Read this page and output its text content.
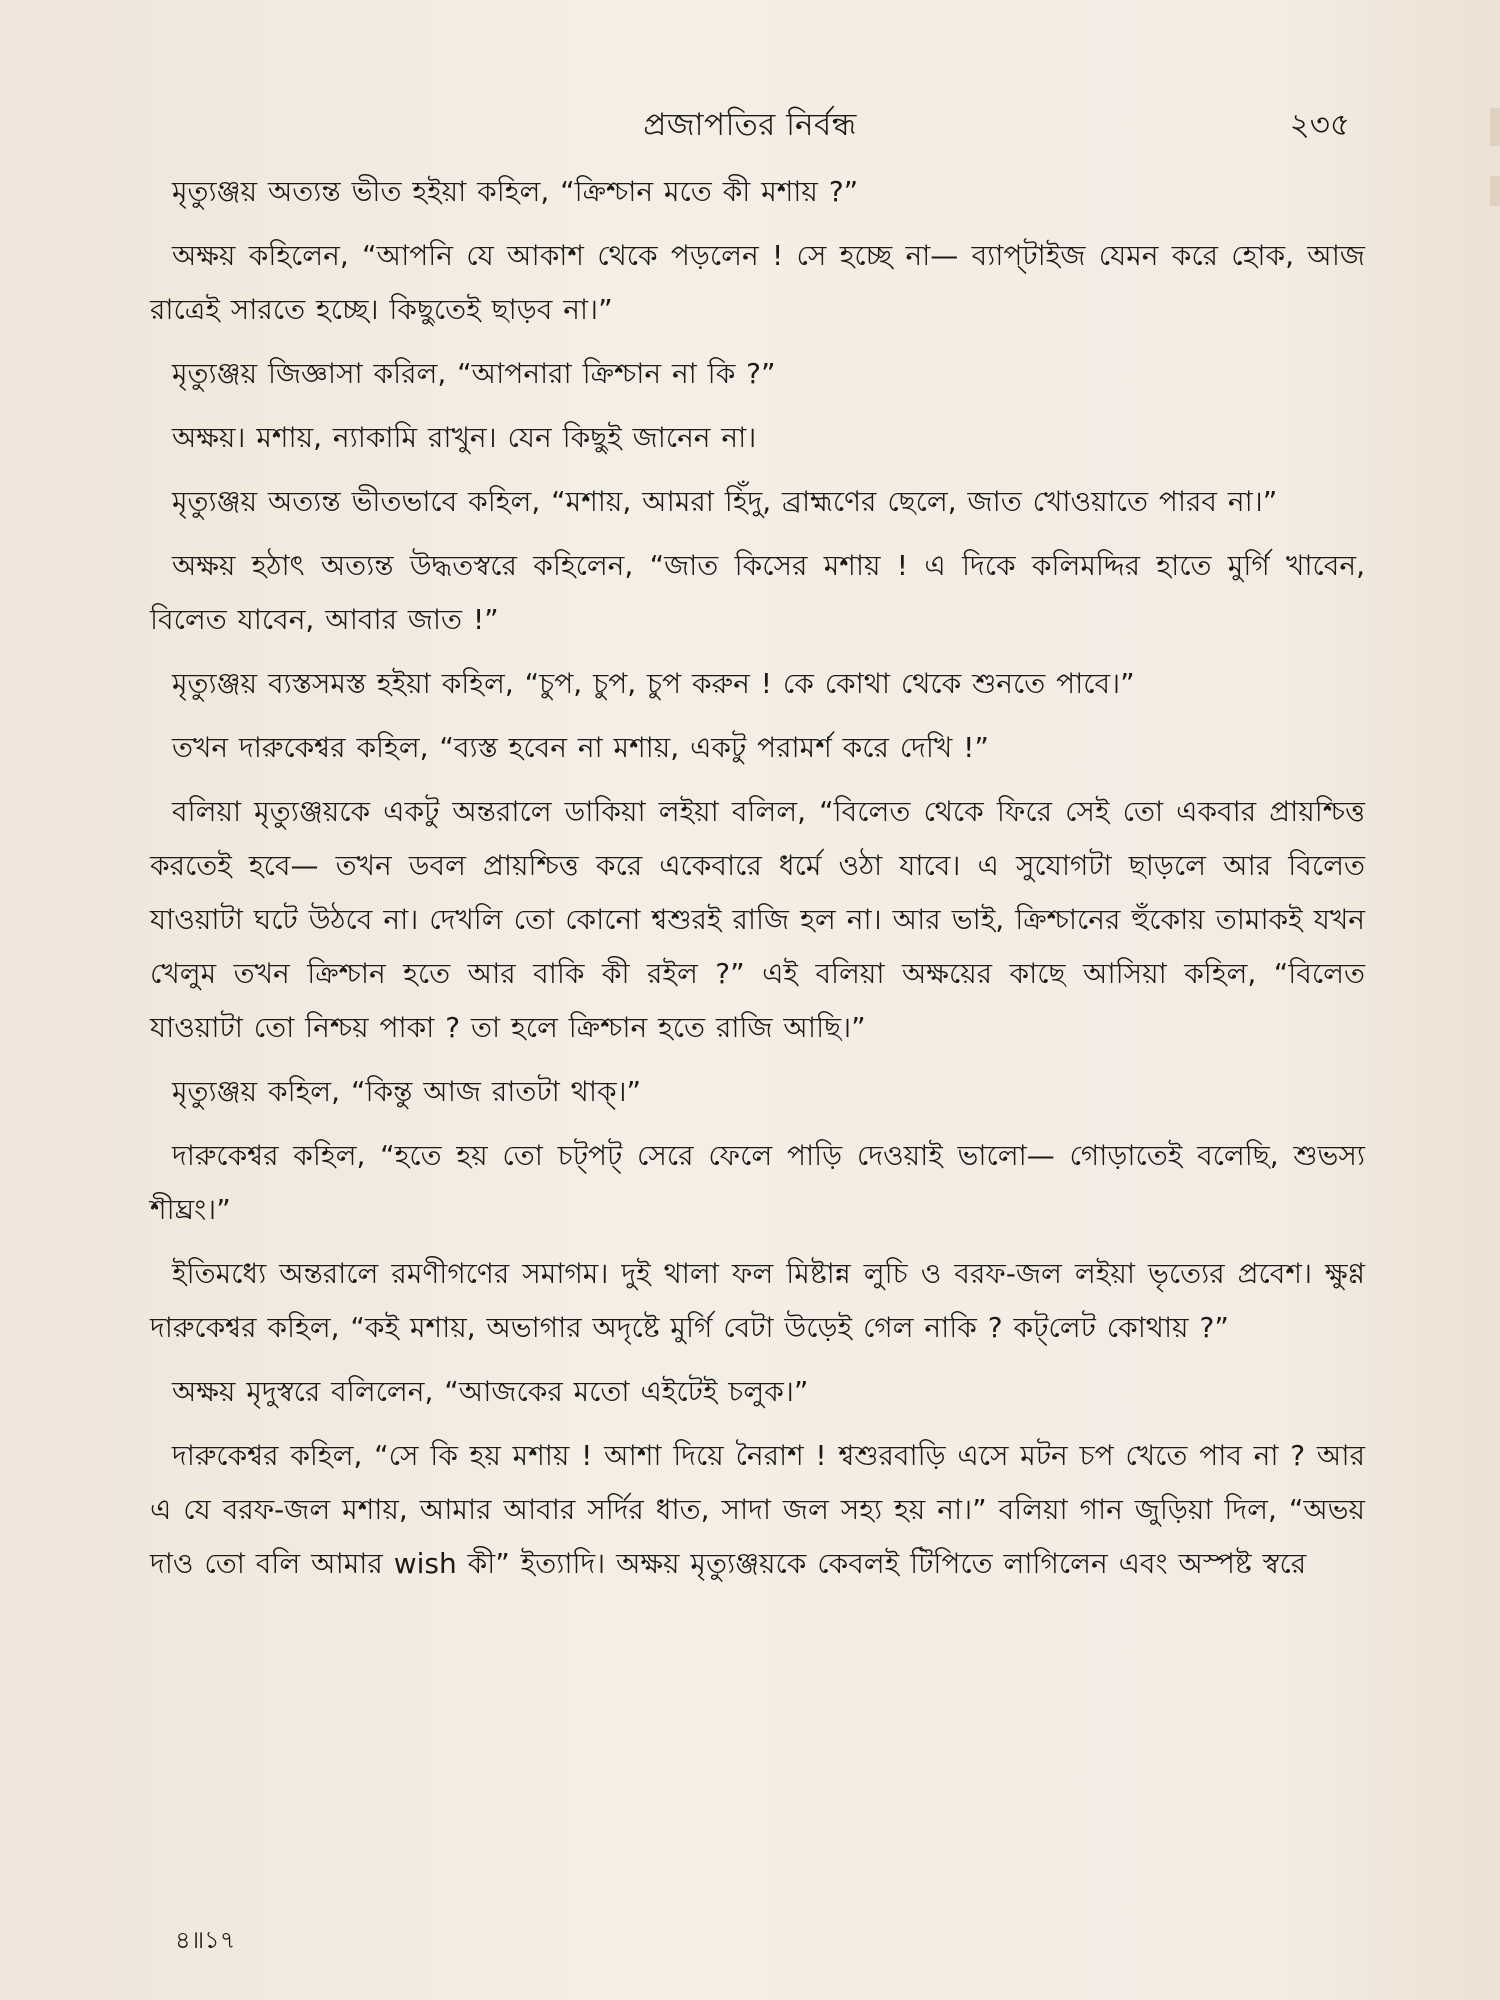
প্রজাপতির নির্বন্ধ	২৩৫

মৃত্যুঞ্জয় অত্যন্ত ভীত হইয়া কহিল, “ক্রিশ্চান মতে কী মশায় ?”

অক্ষয় কহিলেন, “আপনি যে আকাশ থেকে পড়লেন ! সে হচ্ছে না— ব্যাপ্‌টাইজ যেমন করে হোক, আজ রাত্রেই সারতে হচ্ছে। কিছুতেই ছাড়ব না।”

মৃত্যুঞ্জয় জিজ্ঞাসা করিল, “আপনারা ক্রিশ্চান না কি ?”

অক্ষয়। মশায়, ন্যাকামি রাখুন। যেন কিছুই জানেন না।

মৃত্যুঞ্জয় অত্যন্ত ভীতভাবে কহিল, “মশায়, আমরা হিঁদু, ব্রাহ্মণের ছেলে, জাত খোওয়াতে পারব না।”

অক্ষয় হঠাৎ অত্যন্ত উদ্ধতস্বরে কহিলেন, “জাত কিসের মশায় ! এ দিকে কলিমদ্দির হাতে মুর্গি খাবেন, বিলেত যাবেন, আবার জাত !”

মৃত্যুঞ্জয় ব্যস্তসমস্ত হইয়া কহিল, “চুপ, চুপ, চুপ করুন ! কে কোথা থেকে শুনতে পাবে।”

তখন দারুকেশ্বর কহিল, “ব্যস্ত হবেন না মশায়, একটু পরামর্শ করে দেখি !”

বলিয়া মৃত্যুঞ্জয়কে একটু অন্তরালে ডাকিয়া লইয়া বলিল, “বিলেত থেকে ফিরে সেই তো একবার প্রায়শ্চিত্ত করতেই হবে— তখন ডবল প্রায়শ্চিত্ত করে একেবারে ধর্মে ওঠা যাবে। এ সুযোগটা ছাড়লে আর বিলেত যাওয়াটা ঘটে উঠবে না। দেখলি তো কোনো শ্বশুরই রাজি হল না। আর ভাই, ক্রিশ্চানের হুঁকোয় তামাকই যখন খেলুম তখন ক্রিশ্চান হতে আর বাকি কী রইল ?” এই বলিয়া অক্ষয়ের কাছে আসিয়া কহিল, “বিলেত যাওয়াটা তো নিশ্চয় পাকা ? তা হলে ক্রিশ্চান হতে রাজি আছি।”

মৃত্যুঞ্জয় কহিল, “কিন্তু আজ রাতটা থাক্।”

দারুকেশ্বর কহিল, “হতে হয় তো চট্‌পট্ সেরে ফেলে পাড়ি দেওয়াই ভালো— গোড়াতেই বলেছি, শুভস্য শীঘ্রং।”

ইতিমধ্যে অন্তরালে রমণীগণের সমাগম। দুই থালা ফল মিষ্টান্ন লুচি ও বরফ-জল লইয়া ভৃত্যের প্রবেশ। ক্ষুণ্ণ দারুকেশ্বর কহিল, “কই মশায়, অভাগার অদৃষ্টে মুর্গি বেটা উড়েই গেল নাকি ? কট্‌লেট কোথায় ?”

অক্ষয় মৃদুস্বরে বলিলেন, “আজকের মতো এইটেই চলুক।”

দারুকেশ্বর কহিল, “সে কি হয় মশায় ! আশা দিয়ে নৈরাশ ! শ্বশুরবাড়ি এসে মটন চপ খেতে পাব না ? আর এ যে বরফ-জল মশায়, আমার আবার সর্দির ধাত, সাদা জল সহ্য হয় না।” বলিয়া গান জুড়িয়া দিল, “অভয় দাও তো বলি আমার wish কী” ইত্যাদি। অক্ষয় মৃত্যুঞ্জয়কে কেবলই টিপিতে লাগিলেন এবং অস্পষ্ট স্বরে

৪॥১৭
